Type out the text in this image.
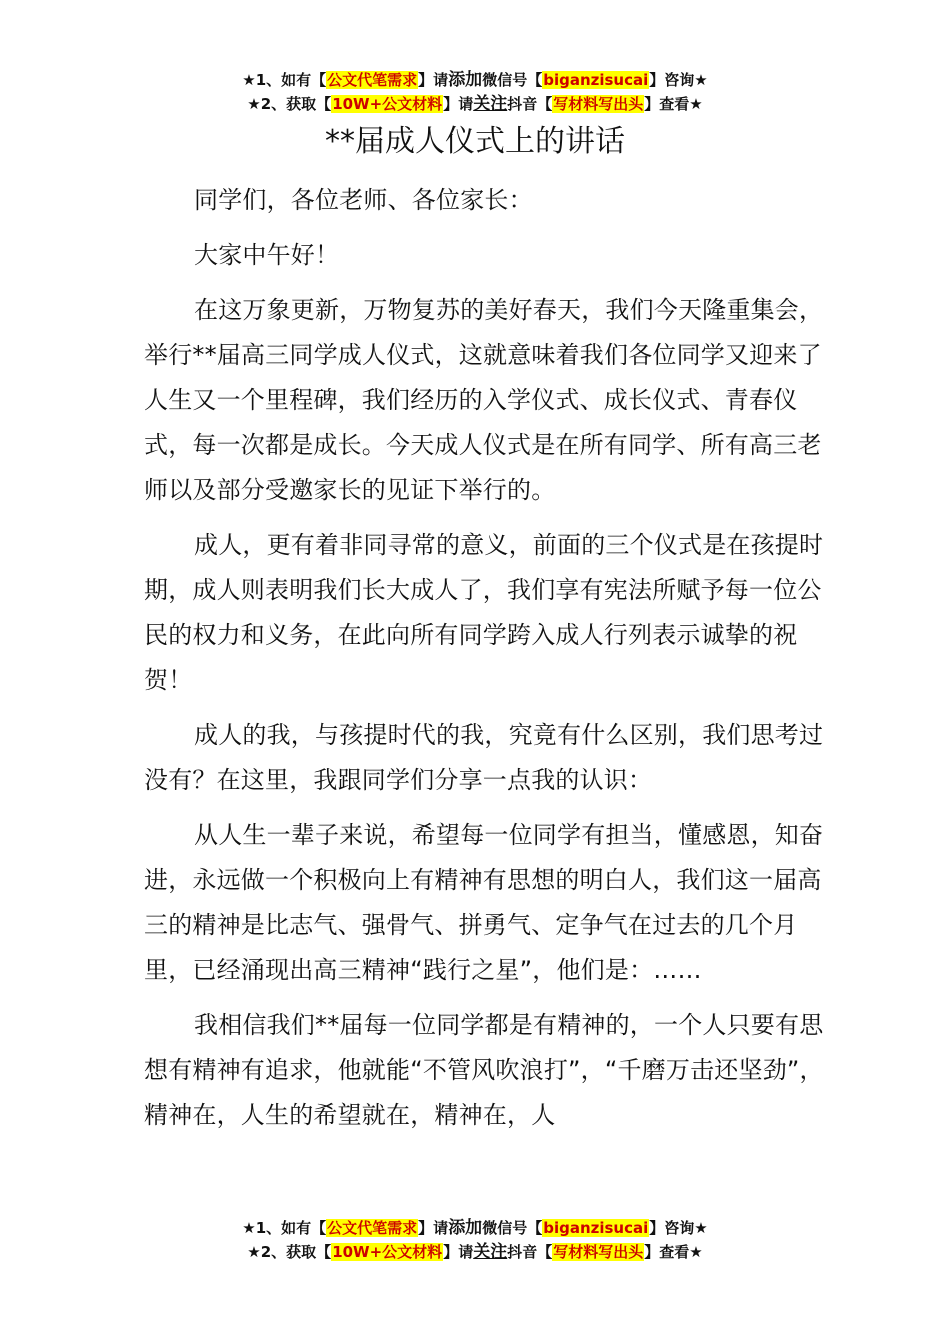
★1、如有【公文代笔需求】请添加微信号【biganzisucai】咨询★
★2、获取【10W+公文材料】请关注抖音【写材料写出头】查看★
**届成人仪式上的讲话

同学们，各位老师、各位家长：

大家中午好！

在这万象更新，万物复苏的美好春天，我们今天隆重集会，举行**届高三同学成人仪式，这就意味着我们各位同学又迎来了人生又一个里程碑，我们经历的入学仪式、成长仪式、青春仪式，每一次都是成长。今天成人仪式是在所有同学、所有高三老师以及部分受邀家长的见证下举行的。

成人，更有着非同寻常的意义，前面的三个仪式是在孩提时期，成人则表明我们长大成人了，我们享有宪法所赋予每一位公民的权力和义务，在此向所有同学跨入成人行列表示诚挚的祝贺！

成人的我，与孩提时代的我，究竟有什么区别，我们思考过没有？在这里，我跟同学们分享一点我的认识：

从人生一辈子来说，希望每一位同学有担当，懂感恩，知奋进，永远做一个积极向上有精神有思想的明白人，我们这一届高三的精神是比志气、强骨气、拼勇气、定争气在过去的几个月里，已经涌现出高三精神“践行之星”，他们是：……

我相信我们**届每一位同学都是有精神的，一个人只要有思想有精神有追求，他就能“不管风吹浪打”，“千磨万击还坚劲”，精神在，人生的希望就在，精神在，人

★1、如有【公文代笔需求】请添加微信号【biganzisucai】咨询★
★2、获取【10W+公文材料】请关注抖音【写材料写出头】查看★
